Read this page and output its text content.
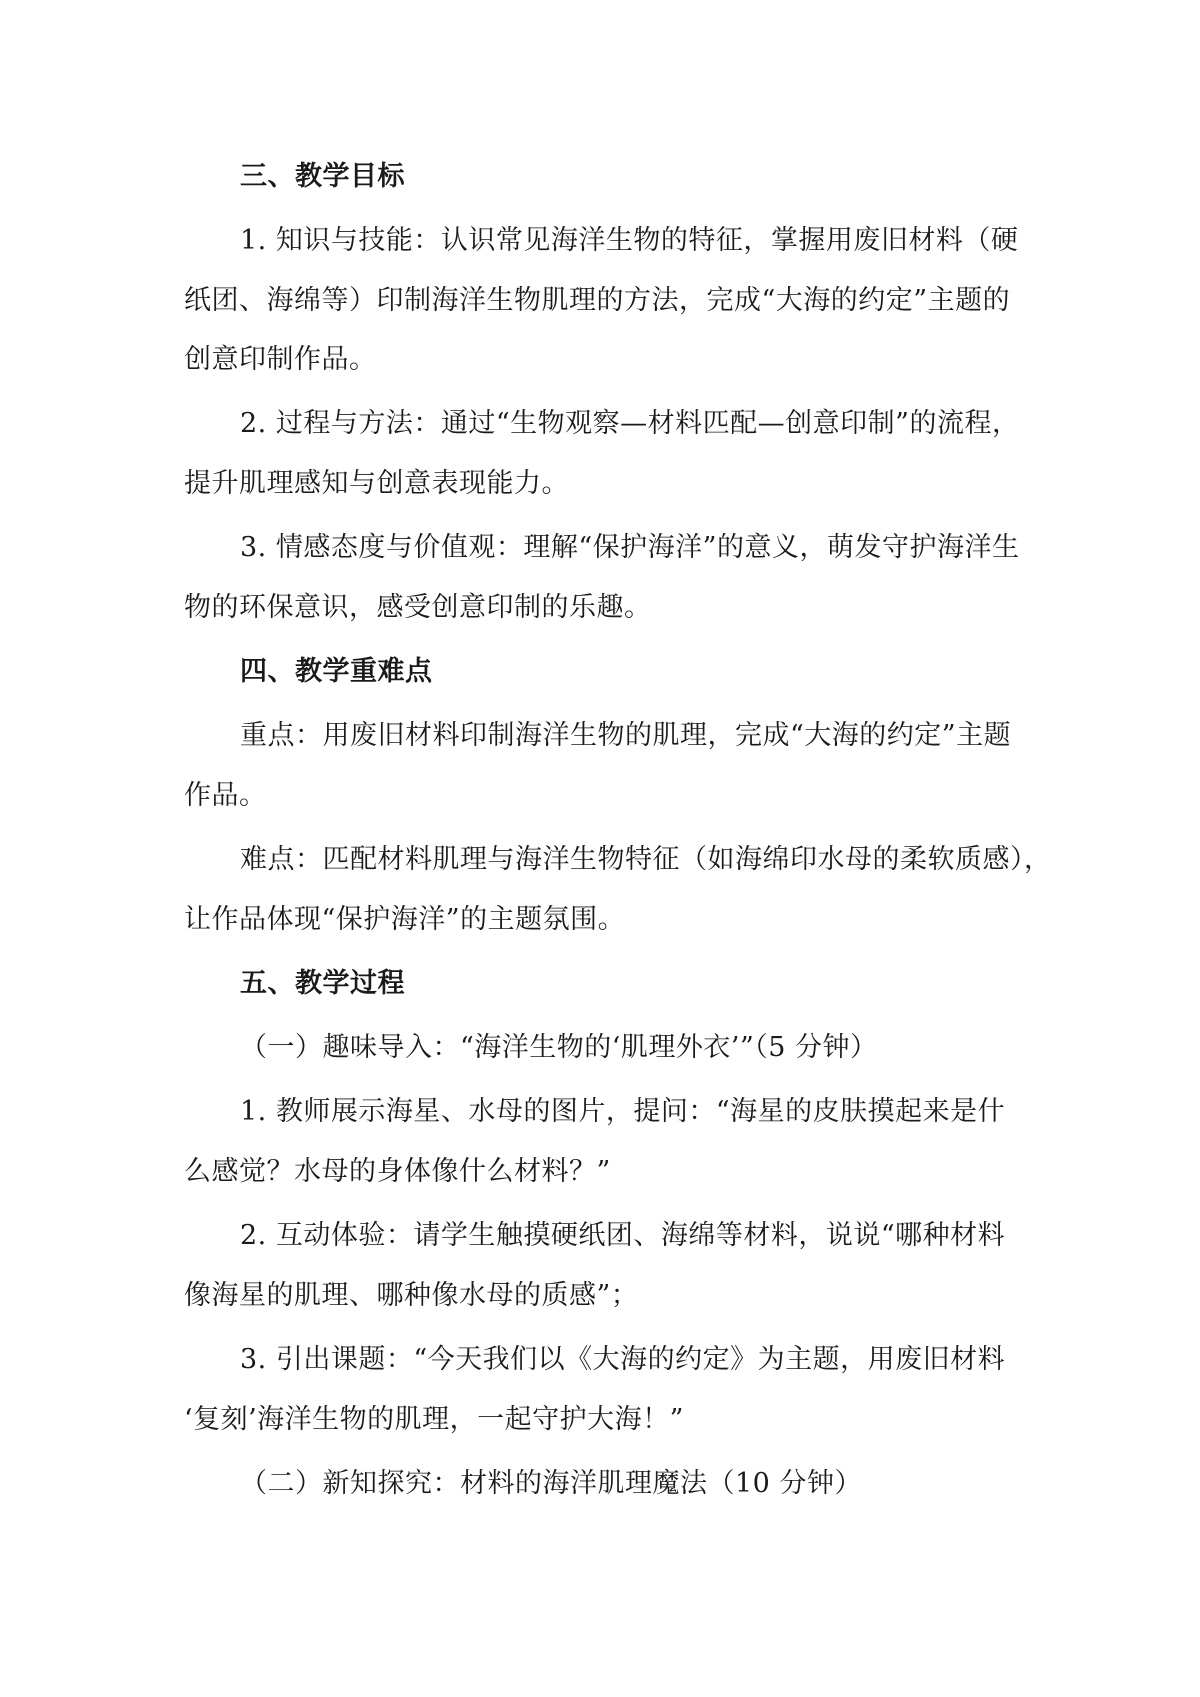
三、教学目标
1. 知识与技能：认识常见海洋生物的特征，掌握用废旧材料（硬
纸团、海绵等）印制海洋生物肌理的方法，完成“大海的约定”主题的
创意印制作品。
2. 过程与方法：通过“生物观察—材料匹配—创意印制”的流程，
提升肌理感知与创意表现能力。
3. 情感态度与价值观：理解“保护海洋”的意义，萌发守护海洋生
物的环保意识，感受创意印制的乐趣。
四、教学重难点
重点：用废旧材料印制海洋生物的肌理，完成“大海的约定”主题
作品。
难点：匹配材料肌理与海洋生物特征（如海绵印水母的柔软质感），
让作品体现“保护海洋”的主题氛围。
五、教学过程
（一）趣味导入：“海洋生物的‘肌理外衣’”（5 分钟）
1. 教师展示海星、水母的图片，提问：“海星的皮肤摸起来是什
么感觉？水母的身体像什么材料？”
2. 互动体验：请学生触摸硬纸团、海绵等材料，说说“哪种材料
像海星的肌理、哪种像水母的质感”；
3. 引出课题：“今天我们以《大海的约定》为主题，用废旧材料
‘复刻’海洋生物的肌理，一起守护大海！”
（二）新知探究：材料的海洋肌理魔法（10 分钟）
